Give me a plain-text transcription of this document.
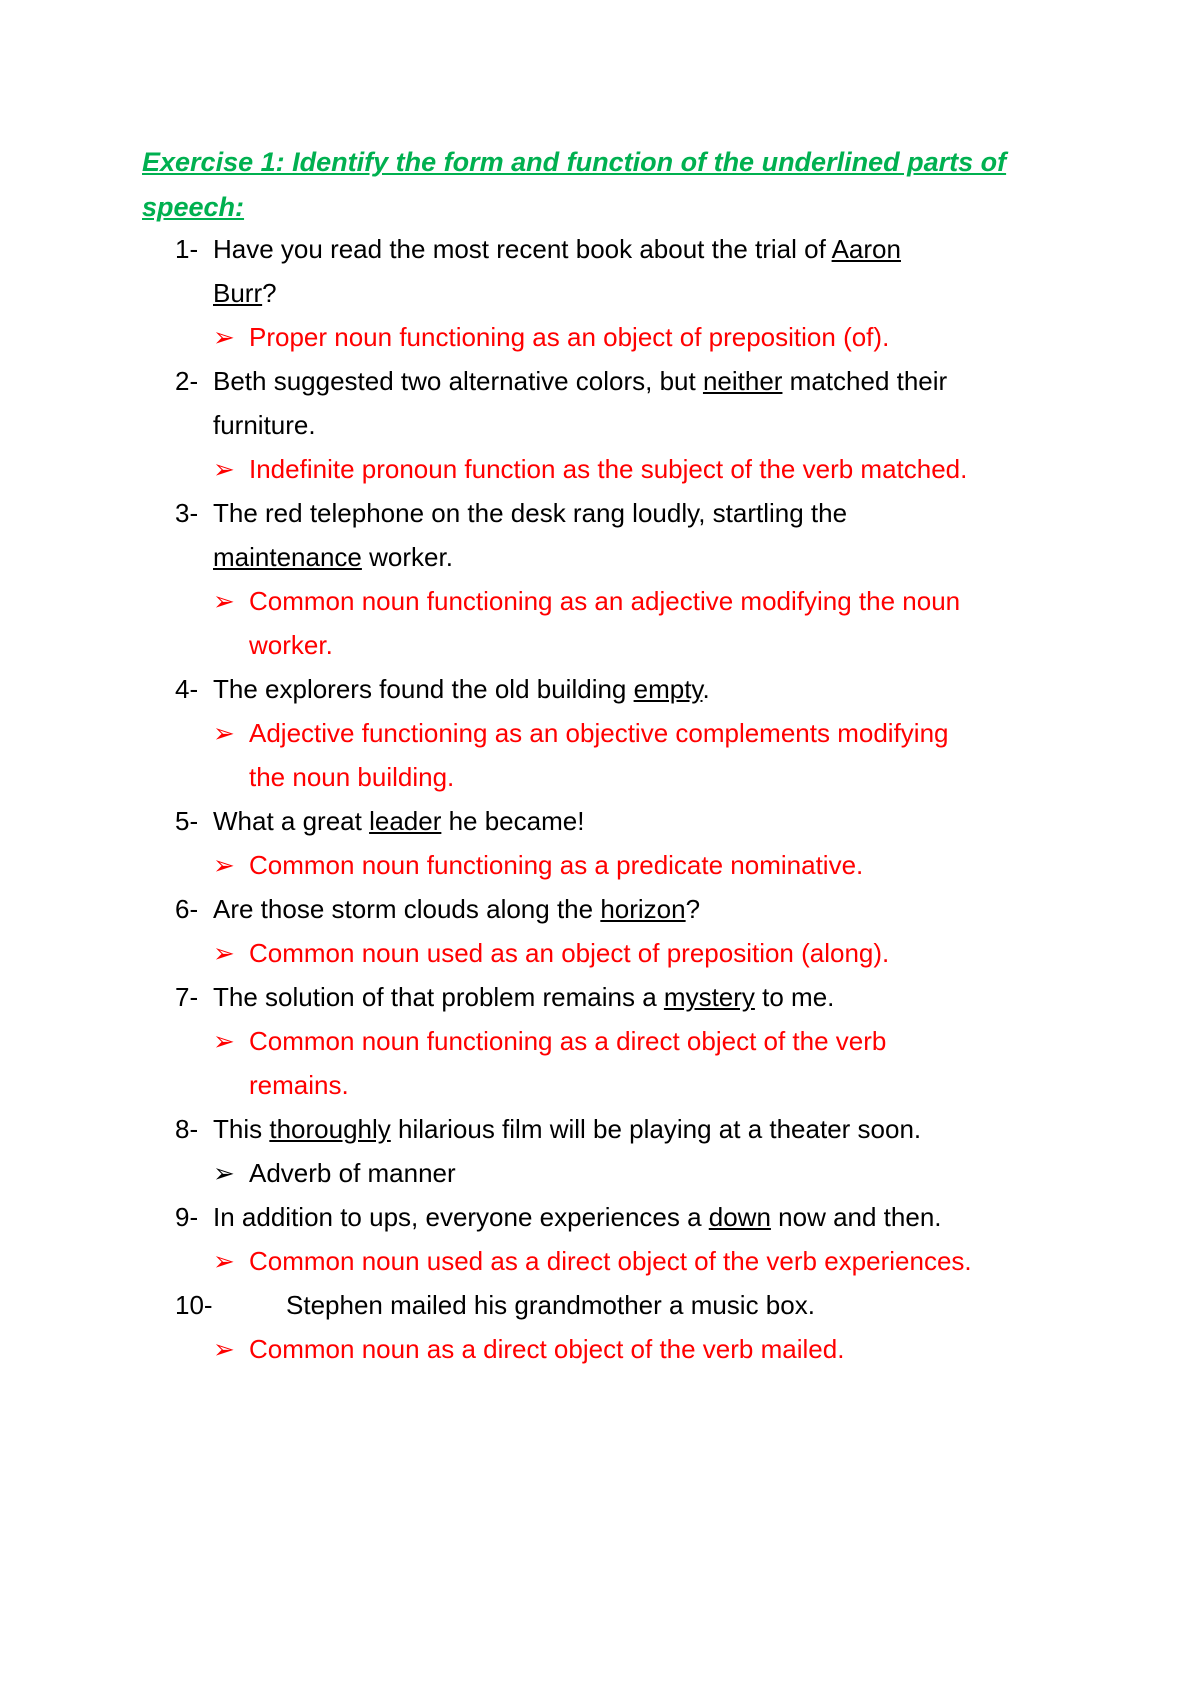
Exercise 1: Identify the form and function of the underlined parts of speech:
1- Have you read the most recent book about the trial of Aaron
Burr?
➢ Proper noun functioning as an object of preposition (of).
2- Beth suggested two alternative colors, but neither matched their
furniture.
➢ Indefinite pronoun function as the subject of the verb matched.
3- The red telephone on the desk rang loudly, startling the
maintenance worker.
➢ Common noun functioning as an adjective modifying the noun
worker.
4- The explorers found the old building empty.
➢ Adjective functioning as an objective complements modifying
the noun building.
5- What a great leader he became!
➢ Common noun functioning as a predicate nominative.
6- Are those storm clouds along the horizon?
➢ Common noun used as an object of preposition (along).
7- The solution of that problem remains a mystery to me.
➢ Common noun functioning as a direct object of the verb
remains.
8- This thoroughly hilarious film will be playing at a theater soon.
➢ Adverb of manner
9- In addition to ups, everyone experiences a down now and then.
➢ Common noun used as a direct object of the verb experiences.
10-	Stephen mailed his grandmother a music box.
➢ Common noun as a direct object of the verb mailed.
